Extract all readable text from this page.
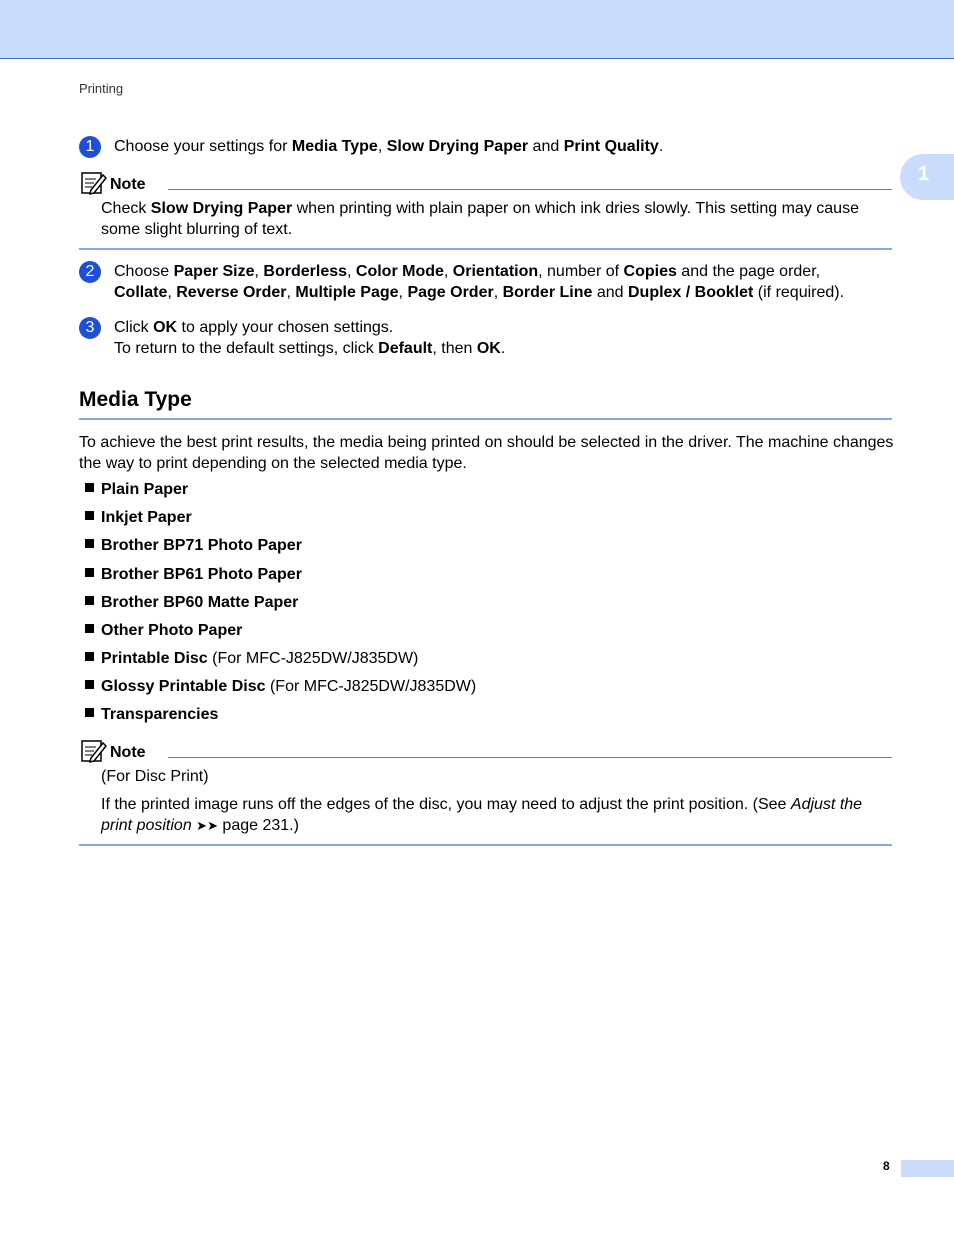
Printing
1
1	Choose your settings for Media Type, Slow Drying Paper and Print Quality.
Note
Check Slow Drying Paper when printing with plain paper on which ink dries slowly. This setting may cause some slight blurring of text.
2	Choose Paper Size, Borderless, Color Mode, Orientation, number of Copies and the page order,
Collate, Reverse Order, Multiple Page, Page Order, Border Line and Duplex / Booklet (if required).
3	Click OK to apply your chosen settings.
To return to the default settings, click Default, then OK.
Media Type
To achieve the best print results, the media being printed on should be selected in the driver. The machine changes the way to print depending on the selected media type.
Plain Paper
Inkjet Paper
Brother BP71 Photo Paper
Brother BP61 Photo Paper
Brother BP60 Matte Paper
Other Photo Paper
Printable Disc (For MFC-J825DW/J835DW)
Glossy Printable Disc (For MFC-J825DW/J835DW)
Transparencies
Note
(For Disc Print)
If the printed image runs off the edges of the disc, you may need to adjust the print position. (See Adjust the print position ➤➤ page 231.)
8
